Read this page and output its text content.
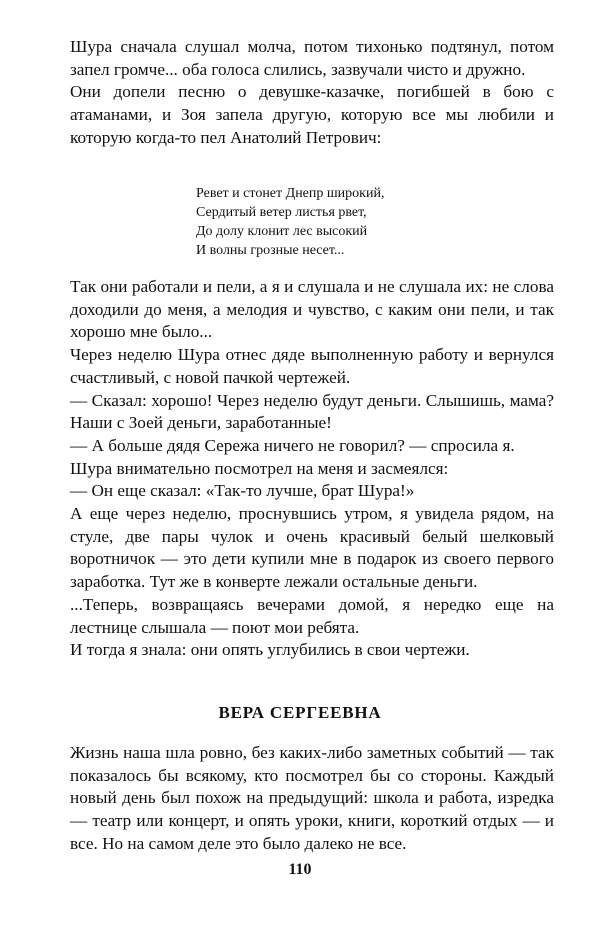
Шура сначала слушал молча, потом тихонько подтянул, потом запел громче... оба голоса слились, зазвучали чисто и дружно.

Они допели песню о девушке-казачке, погибшей в бою с атаманами, и Зоя запела другую, которую все мы любили и которую когда-то пел Анатолий Петрович:

Ревет и стонет Днепр широкий,
Сердитый ветер листья рвет,
До долу клонит лес высокий
И волны грозные несет...

Так они работали и пели, а я и слушала и не слушала их: не слова доходили до меня, а мелодия и чувство, с каким они пели, и так хорошо мне было...

Через неделю Шура отнес дяде выполненную работу и вернулся счастливый, с новой пачкой чертежей.

— Сказал: хорошо! Через неделю будут деньги. Слышишь, мама? Наши с Зоей деньги, заработанные!

— А больше дядя Сережа ничего не говорил? — спросила я.

Шура внимательно посмотрел на меня и засмеялся:

— Он еще сказал: «Так-то лучше, брат Шура!»

А еще через неделю, проснувшись утром, я увидела рядом, на стуле, две пары чулок и очень красивый белый шелковый воротничок — это дети купили мне в подарок из своего первого заработка. Тут же в конверте лежали остальные деньги.

...Теперь, возвращаясь вечерами домой, я нередко еще на лестнице слышала — поют мои ребята.

И тогда я знала: они опять углубились в свои чертежи.

ВЕРА СЕРГЕЕВНА

Жизнь наша шла ровно, без каких-либо заметных событий — так показалось бы всякому, кто посмотрел бы со стороны. Каждый новый день был похож на предыдущий: школа и работа, изредка — театр или концерт, и опять уроки, книги, короткий отдых — и все. Но на самом деле это было далеко не все.

110
